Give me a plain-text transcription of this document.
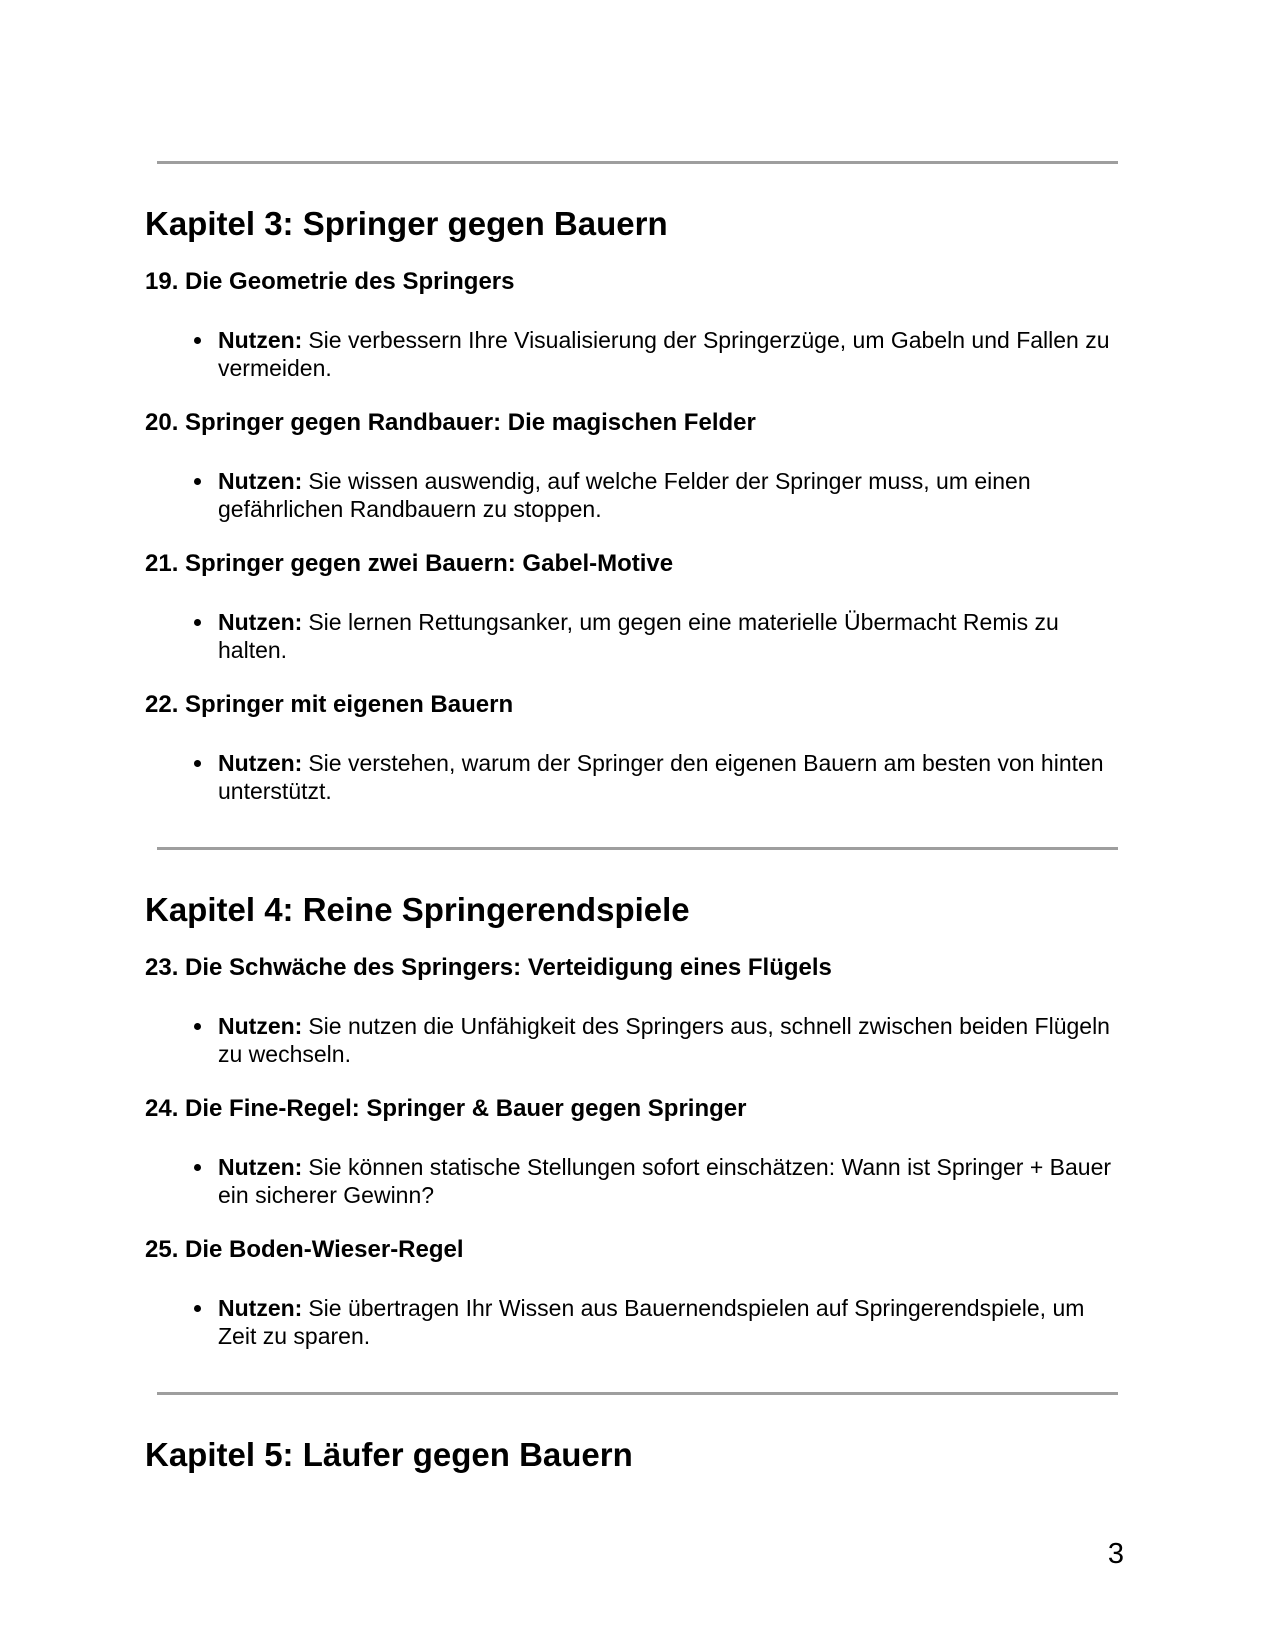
Kapitel 3: Springer gegen Bauern
19. Die Geometrie des Springers
Nutzen: Sie verbessern Ihre Visualisierung der Springerzüge, um Gabeln und Fallen zu vermeiden.
20. Springer gegen Randbauer: Die magischen Felder
Nutzen: Sie wissen auswendig, auf welche Felder der Springer muss, um einen gefährlichen Randbauern zu stoppen.
21. Springer gegen zwei Bauern: Gabel-Motive
Nutzen: Sie lernen Rettungsanker, um gegen eine materielle Übermacht Remis zu halten.
22. Springer mit eigenen Bauern
Nutzen: Sie verstehen, warum der Springer den eigenen Bauern am besten von hinten unterstützt.
Kapitel 4: Reine Springerendspiele
23. Die Schwäche des Springers: Verteidigung eines Flügels
Nutzen: Sie nutzen die Unfähigkeit des Springers aus, schnell zwischen beiden Flügeln zu wechseln.
24. Die Fine-Regel: Springer & Bauer gegen Springer
Nutzen: Sie können statische Stellungen sofort einschätzen: Wann ist Springer + Bauer ein sicherer Gewinn?
25. Die Boden-Wieser-Regel
Nutzen: Sie übertragen Ihr Wissen aus Bauernendspielen auf Springerendspiele, um Zeit zu sparen.
Kapitel 5: Läufer gegen Bauern
3
